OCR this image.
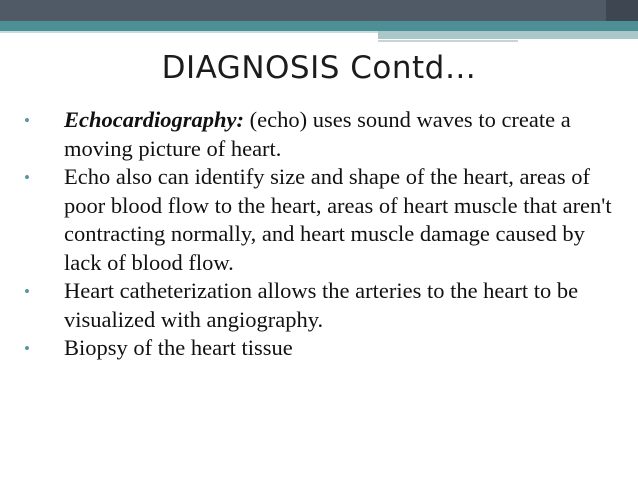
DIAGNOSIS Contd…
•	Echocardiography: (echo) uses sound waves to create a moving picture of heart.
•	Echo also can identify size and shape of the heart, areas of poor blood flow to the heart, areas of heart muscle that aren't contracting normally, and heart muscle damage caused by lack of blood flow.
•	Heart catheterization allows the arteries to the heart to be visualized with angiography.
•	Biopsy of the heart tissue
